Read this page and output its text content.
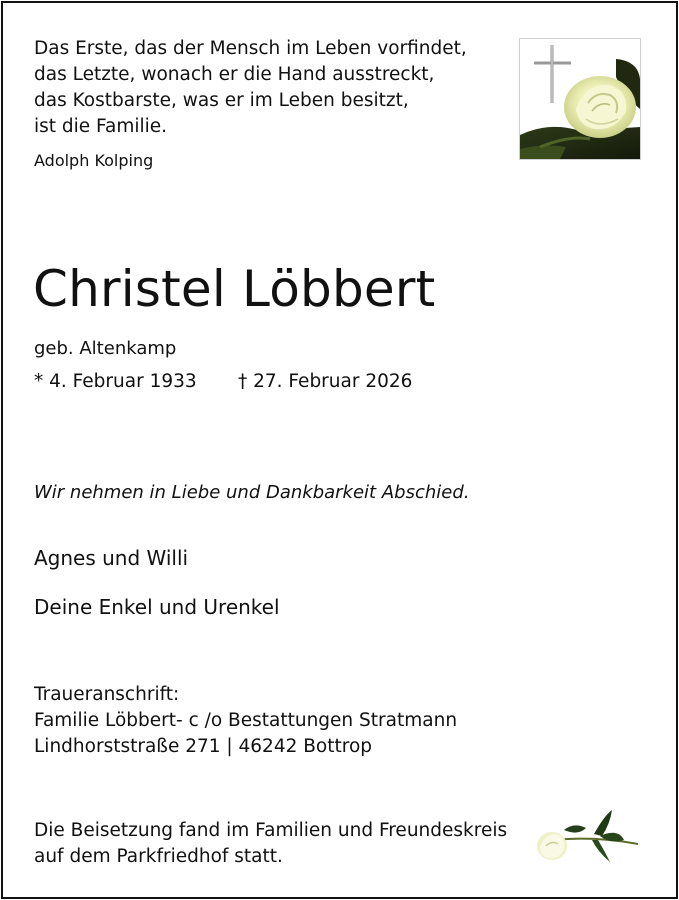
Das Erste, das der Mensch im Leben vorfindet,
das Letzte, wonach er die Hand ausstreckt,
das Kostbarste, was er im Leben besitzt,
ist die Familie.
Adolph Kolping
Christel Löbbert
geb. Altenkamp
* 4. Februar 1933 † 27. Februar 2026
Wir nehmen in Liebe und Dankbarkeit Abschied.
Agnes und Willi
Deine Enkel und Urenkel
Traueranschrift:
Familie Löbbert- c /o Bestattungen Stratmann
Lindhorststraße 271 | 46242 Bottrop
Die Beisetzung fand im Familien und Freundeskreis
auf dem Parkfriedhof statt.
